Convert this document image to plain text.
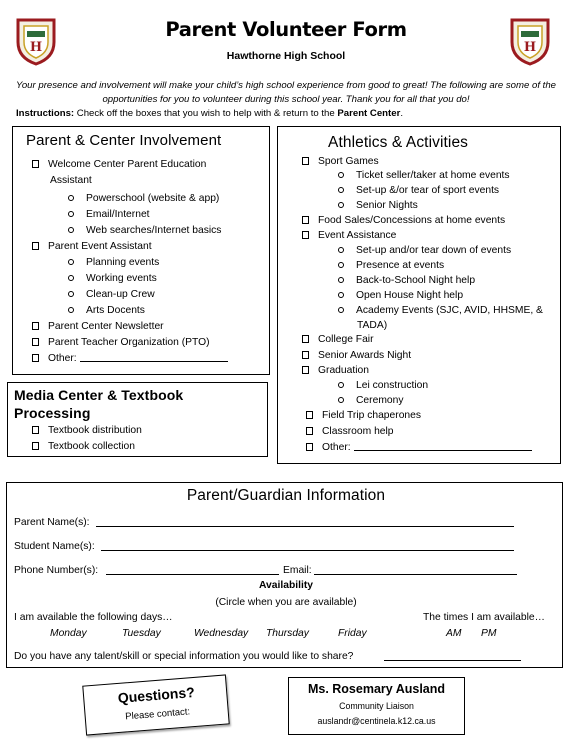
H	H
Parent Volunteer Form
Hawthorne High School
Your presence and involvement will make your child’s high school experience from good to great! The following are some of the opportunities for you to volunteer during this school year. Thank you for all that you do!
Instructions: Check off the boxes that you wish to help with & return to the Parent Center.
Parent & Center Involvement
Welcome Center Parent Education
Assistant
Powerschool (website & app)
Email/Internet
Web searches/Internet basics
Parent Event Assistant
Planning events
Working events
Clean-up Crew
Arts Docents
Parent Center Newsletter
Parent Teacher Organization (PTO)
Other:
Media Center & Textbook
Processing
Textbook distribution
Textbook collection
Athletics & Activities
Sport Games
Ticket seller/taker at home events
Set-up &/or tear of sport events
Senior Nights
Food Sales/Concessions at home events
Event Assistance
Set-up and/or tear down of events
Presence at events
Back-to-School Night help
Open House Night help
Academy Events (SJC, AVID, HHSME, &
TADA)
College Fair
Senior Awards Night
Graduation
Lei construction
Ceremony
Field Trip chaperones
Classroom help
Other:
Parent/Guardian Information
Parent Name(s):
Student Name(s):
Phone Number(s):	Email:
Availability
(Circle when you are available)
I am available the following days…	The times I am available…
Monday	Tuesday	Wednesday Thursday	Friday	AM PM
Do you have any talent/skill or special information you would like to share?
Questions?
Please contact:
Ms. Rosemary Ausland
Community Liaison
auslandr@centinela.k12.ca.us
